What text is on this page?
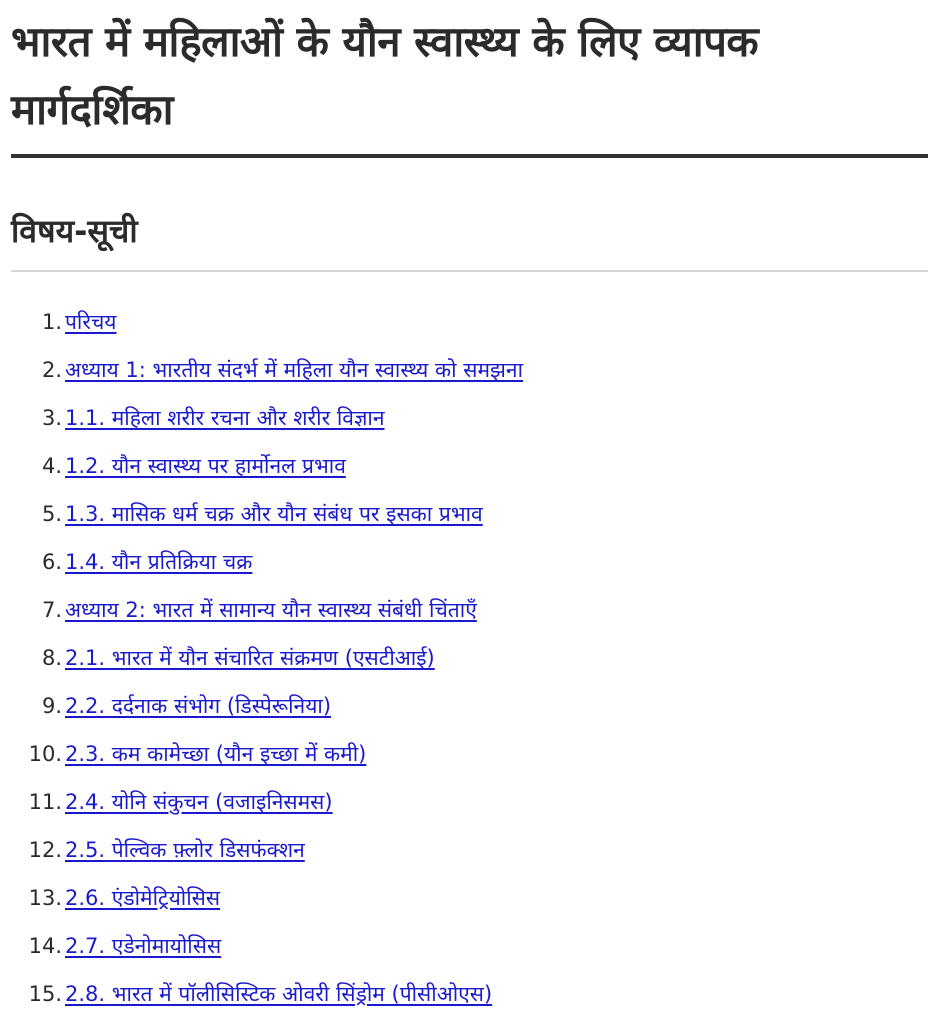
भारत में महिलाओं के यौन स्वास्थ्य के लिए व्यापक
मार्गदर्शिका
विषय-सूची
1. परिचय
2. अध्याय 1: भारतीय संदर्भ में महिला यौन स्वास्थ्य को समझना
3. 1.1. महिला शरीर रचना और शरीर विज्ञान
4. 1.2. यौन स्वास्थ्य पर हार्मोनल प्रभाव
5. 1.3. मासिक धर्म चक्र और यौन संबंध पर इसका प्रभाव
6. 1.4. यौन प्रतिक्रिया चक्र
7. अध्याय 2: भारत में सामान्य यौन स्वास्थ्य संबंधी चिंताएँ
8. 2.1. भारत में यौन संचारित संक्रमण (एसटीआई)
9. 2.2. दर्दनाक संभोग (डिस्पेरूनिया)
10. 2.3. कम कामेच्छा (यौन इच्छा में कमी)
11. 2.4. योनि संकुचन (वजाइनिसमस)
12. 2.5. पेल्विक फ़्लोर डिसफंक्शन
13. 2.6. एंडोमेट्रियोसिस
14. 2.7. एडेनोमायोसिस
15. 2.8. भारत में पॉलीसिस्टिक ओवरी सिंड्रोम (पीसीओएस)
